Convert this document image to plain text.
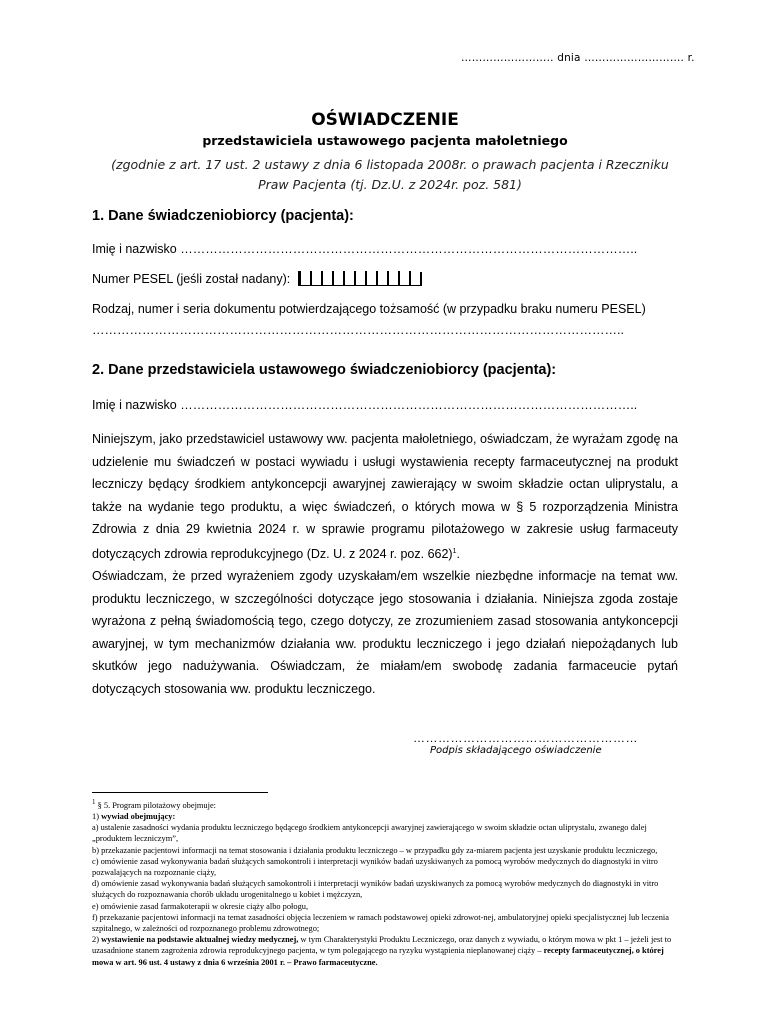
…………………….. dnia ………………………. r.
OŚWIADCZENIE
przedstawiciela ustawowego pacjenta małoletniego
(zgodnie z art. 17 ust. 2 ustawy z dnia 6 listopada 2008r. o prawach pacjenta i Rzeczniku Praw Pacjenta (tj. Dz.U. z 2024r. poz. 581)
1. Dane świadczeniobiorcy (pacjenta):
Imię i nazwisko ………………………………………………………………………………………………..
Numer PESEL (jeśli został nadany):
Rodzaj, numer i seria dokumentu potwierdzającego tożsamość (w przypadku braku numeru PESEL)
………………………………………………………………………………………………………………..
2. Dane przedstawiciela ustawowego świadczeniobiorcy (pacjenta):
Imię i nazwisko ………………………………………………………………………………………………..

Niniejszym, jako przedstawiciel ustawowy ww. pacjenta małoletniego, oświadczam, że wyrażam zgodę na udzielenie mu świadczeń w postaci wywiadu i usługi wystawienia recepty farmaceutycznej na produkt leczniczy będący środkiem antykoncepcji awaryjnej zawierający w swoim składzie octan uliprystalu, a także na wydanie tego produktu, a więc świadczeń, o których mowa w § 5 rozporządzenia Ministra Zdrowia z dnia 29 kwietnia 2024 r. w sprawie programu pilotażowego w zakresie usług farmaceuty dotyczących zdrowia reprodukcyjnego (Dz. U. z 2024 r. poz. 662)$^1$.

Oświadczam, że przed wyrażeniem zgody uzyskałam/em wszelkie niezbędne informacje na temat ww. produktu leczniczego, w szczególności dotyczące jego stosowania i działania. Niniejsza zgoda zostaje wyrażona z pełną świadomością tego, czego dotyczy, ze zrozumieniem zasad stosowania antykoncepcji awaryjnej, w tym mechanizmów działania ww. produktu leczniczego i jego działań niepożądanych lub skutków jego nadużywania. Oświadczam, że miałam/em swobodę zadania farmaceucie pytań dotyczących stosowania ww. produktu leczniczego.

………………………………………………
Podpis składającego oświadczenie
$^1$ § 5. Program pilotażowy obejmuje:
1) wywiad obejmujący:
a) ustalenie zasadności wydania produktu leczniczego będącego środkiem antykoncepcji awaryjnej zawierającego w swoim składzie octan uliprystalu, zwanego dalej „produktem leczniczym”,
b) przekazanie pacjentowi informacji na temat stosowania i działania produktu leczniczego – w przypadku gdy za-miarem pacjenta jest uzyskanie produktu leczniczego,
c) omówienie zasad wykonywania badań służących samokontroli i interpretacji wyników badań uzyskiwanych za pomocą wyrobów medycznych do diagnostyki in vitro pozwalających na rozpoznanie ciąży,
d) omówienie zasad wykonywania badań służących samokontroli i interpretacji wyników badań uzyskiwanych za pomocą wyrobów medycznych do diagnostyki in vitro służących do rozpoznawania chorób układu urogenitalnego u kobiet i mężczyzn,
e) omówienie zasad farmakoterapii w okresie ciąży albo połogu,
f) przekazanie pacjentowi informacji na temat zasadności objęcia leczeniem w ramach podstawowej opieki zdrowot-nej, ambulatoryjnej opieki specjalistycznej lub leczenia szpitalnego, w zależności od rozpoznanego problemu zdrowotnego;
2) wystawienie na podstawie aktualnej wiedzy medycznej, w tym Charakterystyki Produktu Leczniczego, oraz danych z wywiadu, o którym mowa w pkt 1 – jeżeli jest to uzasadnione stanem zagrożenia zdrowia reprodukcyjnego pacjenta, w tym polegającego na ryzyku wystąpienia nieplanowanej ciąży – recepty farmaceutycznej, o której mowa w art. 96 ust. 4 ustawy z dnia 6 września 2001 r. – Prawo farmaceutyczne.
